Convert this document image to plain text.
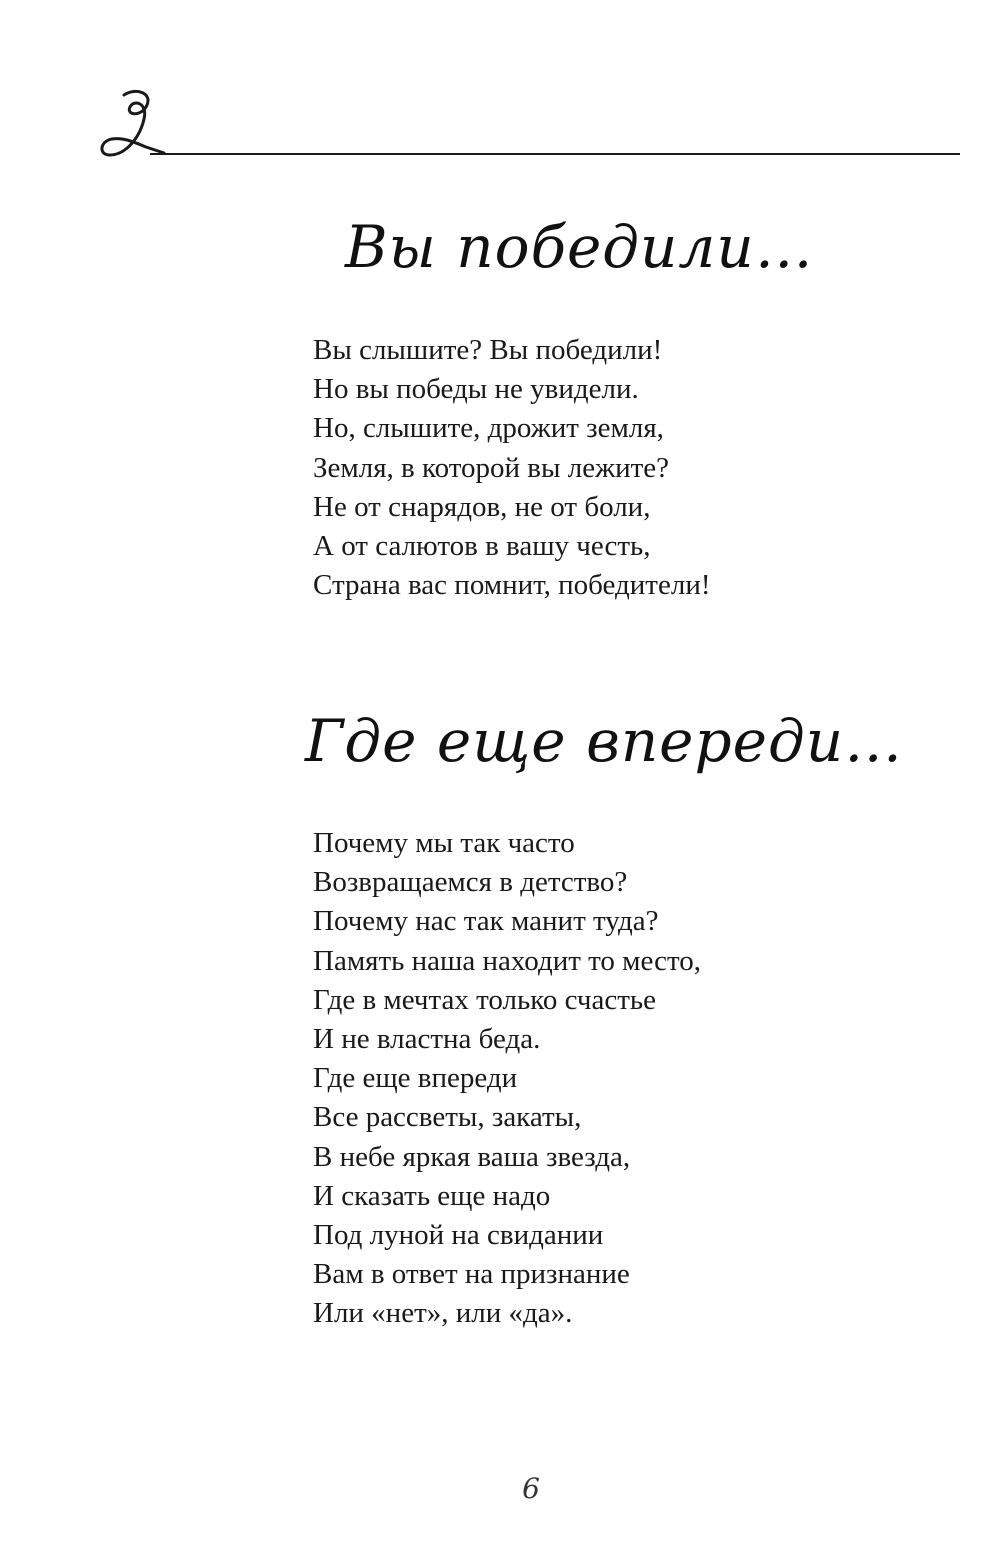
Вы победили…
Вы слышите? Вы победили!
Но вы победы не увидели.
Но, слышите, дрожит земля,
Земля, в которой вы лежите?
Не от снарядов, не от боли,
А от салютов в вашу честь,
Страна вас помнит, победители!
Где еще впереди…
Почему мы так часто
Возвращаемся в детство?
Почему нас так манит туда?
Память наша находит то место,
Где в мечтах только счастье
И не властна беда.
Где еще впереди
Все рассветы, закаты,
В небе яркая ваша звезда,
И сказать еще надо
Под луной на свидании
Вам в ответ на признание
Или «нет», или «да».
6
